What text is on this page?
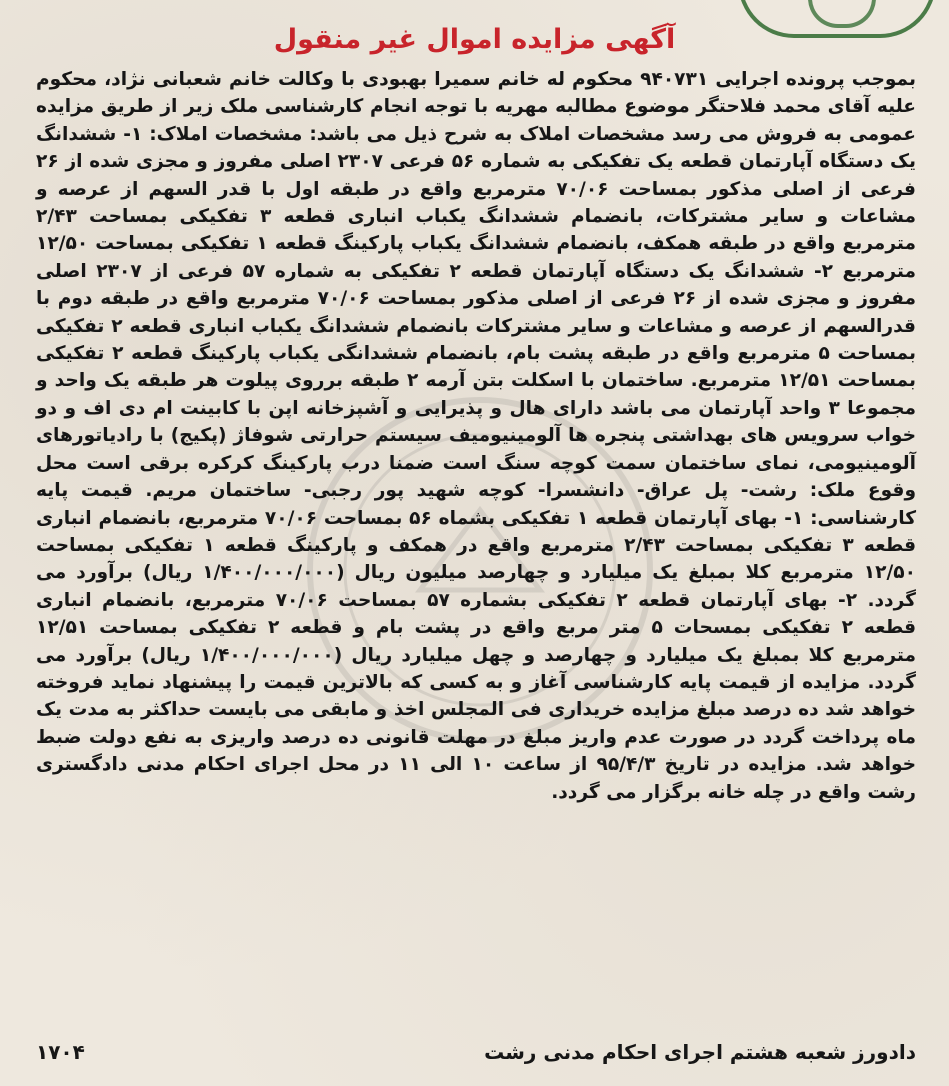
آگهی مزایده اموال غیر منقول
بموجب پرونده اجرایی ۹۴۰۷۳۱ محکوم له خانم سمیرا بهبودی با وکالت خانم شعبانی نژاد، محکوم علیه آقای محمد فلاحتگر موضوع مطالبه مهریه با توجه انجام کارشناسی ملک زیر از طریق مزایده عمومی به فروش می رسد مشخصات املاک به شرح ذیل می باشد: مشخصات املاک: ۱- ششدانگ یک دستگاه آپارتمان قطعه یک تفکیکی به شماره ۵۶ فرعی ۲۳۰۷ اصلی مفروز و مجزی شده از ۲۶ فرعی از اصلی مذکور بمساحت ۷۰/۰۶ مترمربع واقع در طبقه اول با قدر السهم از عرصه و مشاعات و سایر مشترکات، بانضمام ششدانگ یکباب انباری قطعه ۳ تفکیکی بمساحت ۲/۴۳ مترمربع واقع در طبقه همکف، بانضمام ششدانگ یکباب پارکینگ قطعه ۱ تفکیکی بمساحت ۱۲/۵۰ مترمربع ۲- ششدانگ یک دستگاه آپارتمان قطعه ۲ تفکیکی به شماره ۵۷ فرعی از ۲۳۰۷ اصلی مفروز و مجزی شده از ۲۶ فرعی از اصلی مذکور بمساحت ۷۰/۰۶ مترمربع واقع در طبقه دوم با قدرالسهم از عرصه و مشاعات و سایر مشترکات بانضمام ششدانگ یکباب انباری قطعه ۲ تفکیکی بمساحت ۵ مترمربع واقع در طبقه پشت بام، بانضمام ششدانگی یکباب پارکینگ قطعه ۲ تفکیکی بمساحت ۱۲/۵۱ مترمربع. ساختمان با اسکلت بتن آرمه ۲ طبقه برروی پیلوت هر طبقه یک واحد و مجموعا ۳ واحد آپارتمان می باشد دارای هال و پذیرایی و آشپزخانه اپن با کابینت ام دی اف و دو خواب سرویس های بهداشتی پنجره ها آلومینیومیف سیستم حرارتی شوفاژ (پکیج) با رادیاتورهای آلومینیومی، نمای ساختمان سمت کوچه سنگ است ضمنا درب پارکینگ کرکره برقی است محل وقوع ملک: رشت- پل عراق- دانشسرا- کوچه شهید پور رجبی- ساختمان مریم. قیمت پایه کارشناسی: ۱- بهای آپارتمان قطعه ۱ تفکیکی بشماه ۵۶ بمساحت ۷۰/۰۶ مترمربع، بانضمام انباری قطعه ۳ تفکیکی بمساحت ۲/۴۳ مترمربع واقع در همکف و پارکینگ قطعه ۱ تفکیکی بمساحت ۱۲/۵۰ مترمربع کلا بمبلغ یک میلیارد و چهارصد میلیون ریال (۱/۴۰۰/۰۰۰/۰۰۰ ریال) برآورد می گردد. ۲- بهای آپارتمان قطعه ۲ تفکیکی بشماره ۵۷ بمساحت ۷۰/۰۶ مترمربع، بانضمام انباری قطعه ۲ تفکیکی بمسحات ۵ متر مربع واقع در پشت بام و قطعه ۲ تفکیکی بمساحت ۱۲/۵۱ مترمربع کلا بمبلغ یک میلیارد و چهارصد و چهل میلیارد ریال (۱/۴۰۰/۰۰۰/۰۰۰ ریال) برآورد می گردد. مزایده از قیمت پایه کارشناسی آغاز و به کسی که بالاترین قیمت را پیشنهاد نماید فروخته خواهد شد ده درصد مبلغ مزایده خریداری فی المجلس اخذ و مابقی می بایست حداکثر به مدت یک ماه پرداخت گردد در صورت عدم واریز مبلغ در مهلت قانونی ده درصد واریزی به نفع دولت ضبط خواهد شد. مزایده در تاریخ ۹۵/۴/۳ از ساعت ۱۰ الی ۱۱ در محل اجرای احکام مدنی دادگستری رشت واقع در چله خانه برگزار می گردد.
دادورز شعبه هشتم اجرای احکام مدنی رشت
۱۷۰۴
